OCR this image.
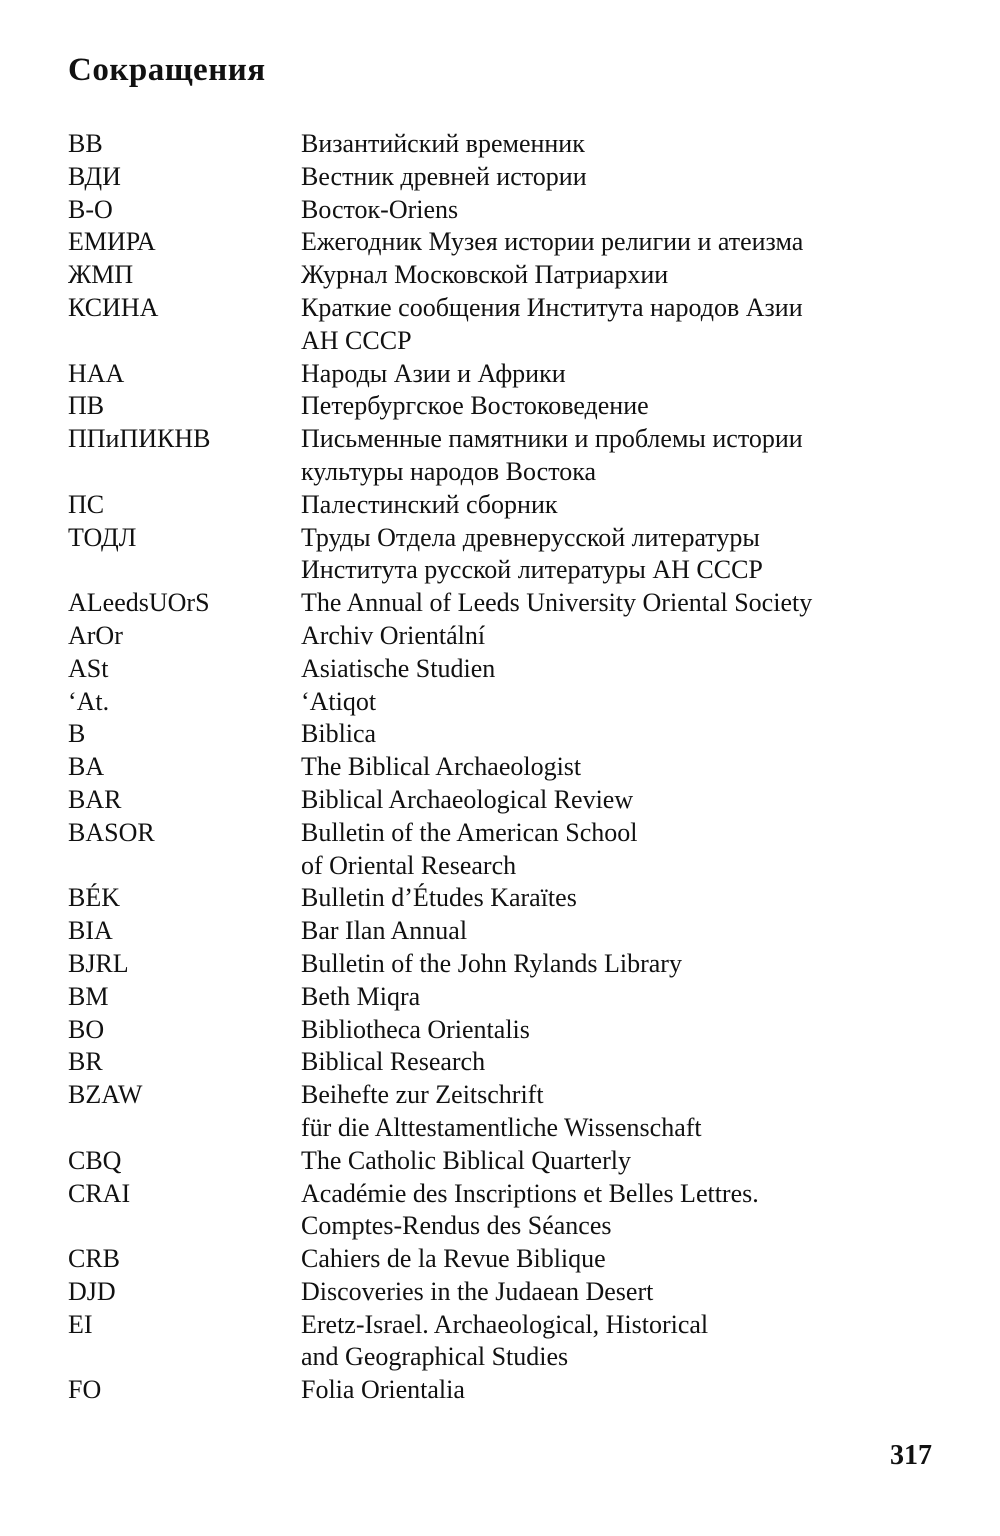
Сокращения
ВВ	Византийский временник
ВДИ	Вестник древней истории
В-О	Восток-Oriens
ЕМИРА	Ежегодник Музея истории религии и атеизма
ЖМП	Журнал Московской Патриархии
КСИНА	Краткие сообщения Института народов Азии
АН СССР
НАА	Народы Азии и Африки
ПВ	Петербургское Востоковедение
ППиПИКНВ	Письменные памятники и проблемы истории
культуры народов Востока
ПС	Палестинский сборник
ТОДЛ	Труды Отдела древнерусской литературы
Института русской литературы АН СССР
ALeedsUOrS	The Annual of Leeds University Oriental Society
ArOr	Archiv Orientální
ASt	Asiatische Studien
‘At.	‘Atiqot
B	Biblica
BA	The Biblical Archaeologist
BAR	Biblical Archaeological Review
BASOR	Bulletin of the American School
of Oriental Research
BÉK	Bulletin d’Études Karaïtes
BIA	Bar Ilan Annual
BJRL	Bulletin of the John Rylands Library
BM	Beth Miqra
BO	Bibliotheca Orientalis
BR	Biblical Research
BZAW	Beihefte zur Zeitschrift
für die Alttestamentliche Wissenschaft
CBQ	The Catholic Biblical Quarterly
CRAI	Académie des Inscriptions et Belles Lettres.
Comptes-Rendus des Séances
CRB	Cahiers de la Revue Biblique
DJD	Discoveries in the Judaean Desert
EI	Eretz-Israel. Archaeological, Historical
and Geographical Studies
FO	Folia Orientalia
317
